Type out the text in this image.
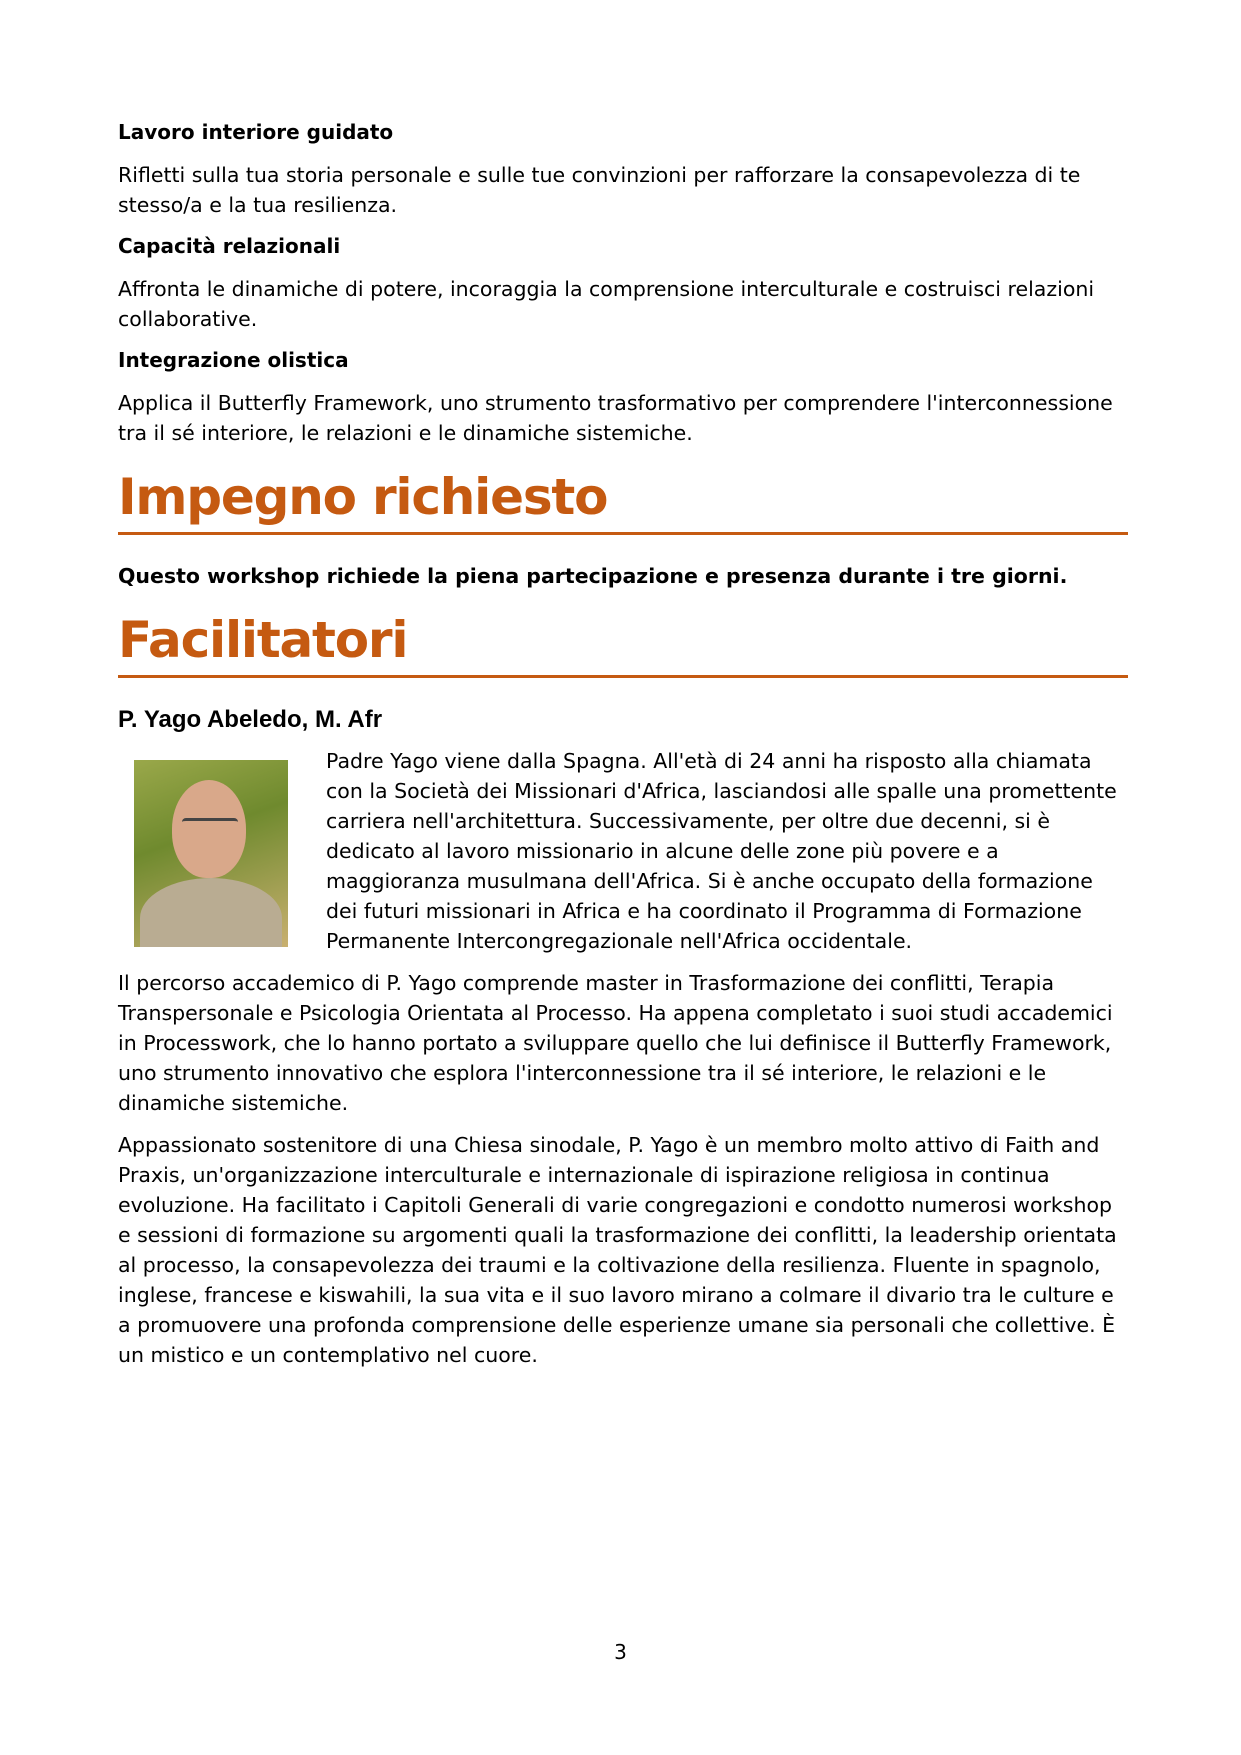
Lavoro interiore guidato

Rifletti sulla tua storia personale e sulle tue convinzioni per rafforzare la consapevolezza di te stesso/a e la tua resilienza.

Capacità relazionali

Affronta le dinamiche di potere, incoraggia la comprensione interculturale e costruisci relazioni collaborative.

Integrazione olistica

Applica il Butterfly Framework, uno strumento trasformativo per comprendere l'interconnessione tra il sé interiore, le relazioni e le dinamiche sistemiche.

Impegno richiesto

Questo workshop richiede la piena partecipazione e presenza durante i tre giorni.

Facilitatori
P. Yago Abeledo, M. Afr

Padre Yago viene dalla Spagna. All'età di 24 anni ha risposto alla chiamata con la Società dei Missionari d'Africa, lasciandosi alle spalle una promettente carriera nell'architettura. Successivamente, per oltre due decenni, si è dedicato al lavoro missionario in alcune delle zone più povere e a maggioranza musulmana dell'Africa. Si è anche occupato della formazione dei futuri missionari in Africa e ha coordinato il Programma di Formazione Permanente Intercongregazionale nell'Africa occidentale.

Il percorso accademico di P. Yago comprende master in Trasformazione dei conflitti, Terapia Transpersonale e Psicologia Orientata al Processo. Ha appena completato i suoi studi accademici in Processwork, che lo hanno portato a sviluppare quello che lui definisce il Butterfly Framework, uno strumento innovativo che esplora l'interconnessione tra il sé interiore, le relazioni e le dinamiche sistemiche.

Appassionato sostenitore di una Chiesa sinodale, P. Yago è un membro molto attivo di Faith and Praxis, un'organizzazione interculturale e internazionale di ispirazione religiosa in continua evoluzione. Ha facilitato i Capitoli Generali di varie congregazioni e condotto numerosi workshop e sessioni di formazione su argomenti quali la trasformazione dei conflitti, la leadership orientata al processo, la consapevolezza dei traumi e la coltivazione della resilienza. Fluente in spagnolo, inglese, francese e kiswahili, la sua vita e il suo lavoro mirano a colmare il divario tra le culture e a promuovere una profonda comprensione delle esperienze umane sia personali che collettive. È un mistico e un contemplativo nel cuore.

3
